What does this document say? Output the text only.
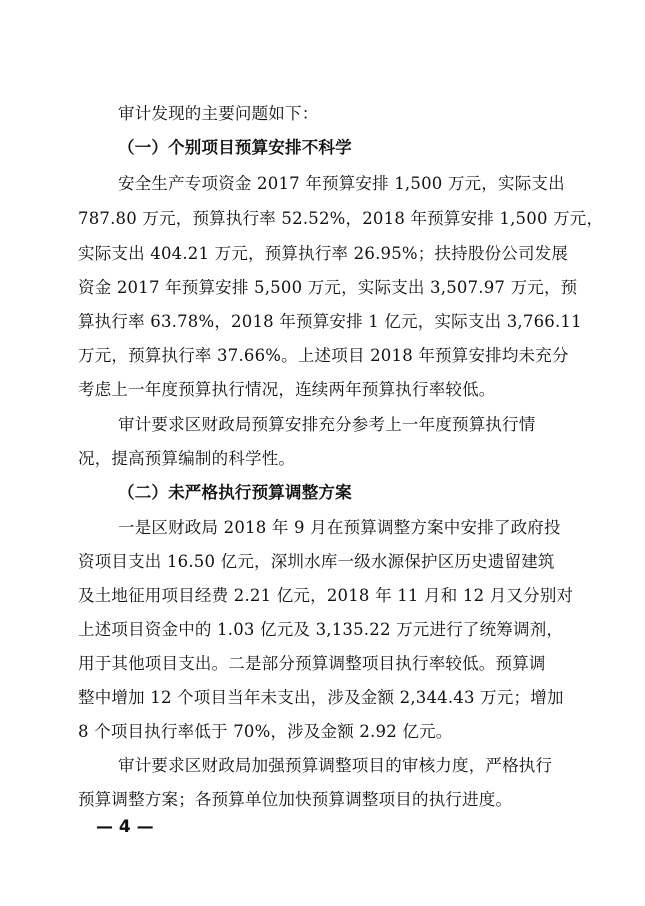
审计发现的主要问题如下：
（一）个别项目预算安排不科学
安全生产专项资金 2017 年预算安排 1,500 万元，实际支出
787.80 万元，预算执行率 52.52%，2018 年预算安排 1,500 万元，
实际支出 404.21 万元，预算执行率 26.95%；扶持股份公司发展
资金 2017 年预算安排 5,500 万元，实际支出 3,507.97 万元，预
算执行率 63.78%，2018 年预算安排 1 亿元，实际支出 3,766.11
万元，预算执行率 37.66%。上述项目 2018 年预算安排均未充分
考虑上一年度预算执行情况，连续两年预算执行率较低。
审计要求区财政局预算安排充分参考上一年度预算执行情
况，提高预算编制的科学性。
（二）未严格执行预算调整方案
一是区财政局 2018 年 9 月在预算调整方案中安排了政府投
资项目支出 16.50 亿元，深圳水库一级水源保护区历史遗留建筑
及土地征用项目经费 2.21 亿元，2018 年 11 月和 12 月又分别对
上述项目资金中的 1.03 亿元及 3,135.22 万元进行了统筹调剂，
用于其他项目支出。二是部分预算调整项目执行率较低。预算调
整中增加 12 个项目当年未支出，涉及金额 2,344.43 万元；增加
8 个项目执行率低于 70%，涉及金额 2.92 亿元。
审计要求区财政局加强预算调整项目的审核力度，严格执行
预算调整方案；各预算单位加快预算调整项目的执行进度。
— 4 —
